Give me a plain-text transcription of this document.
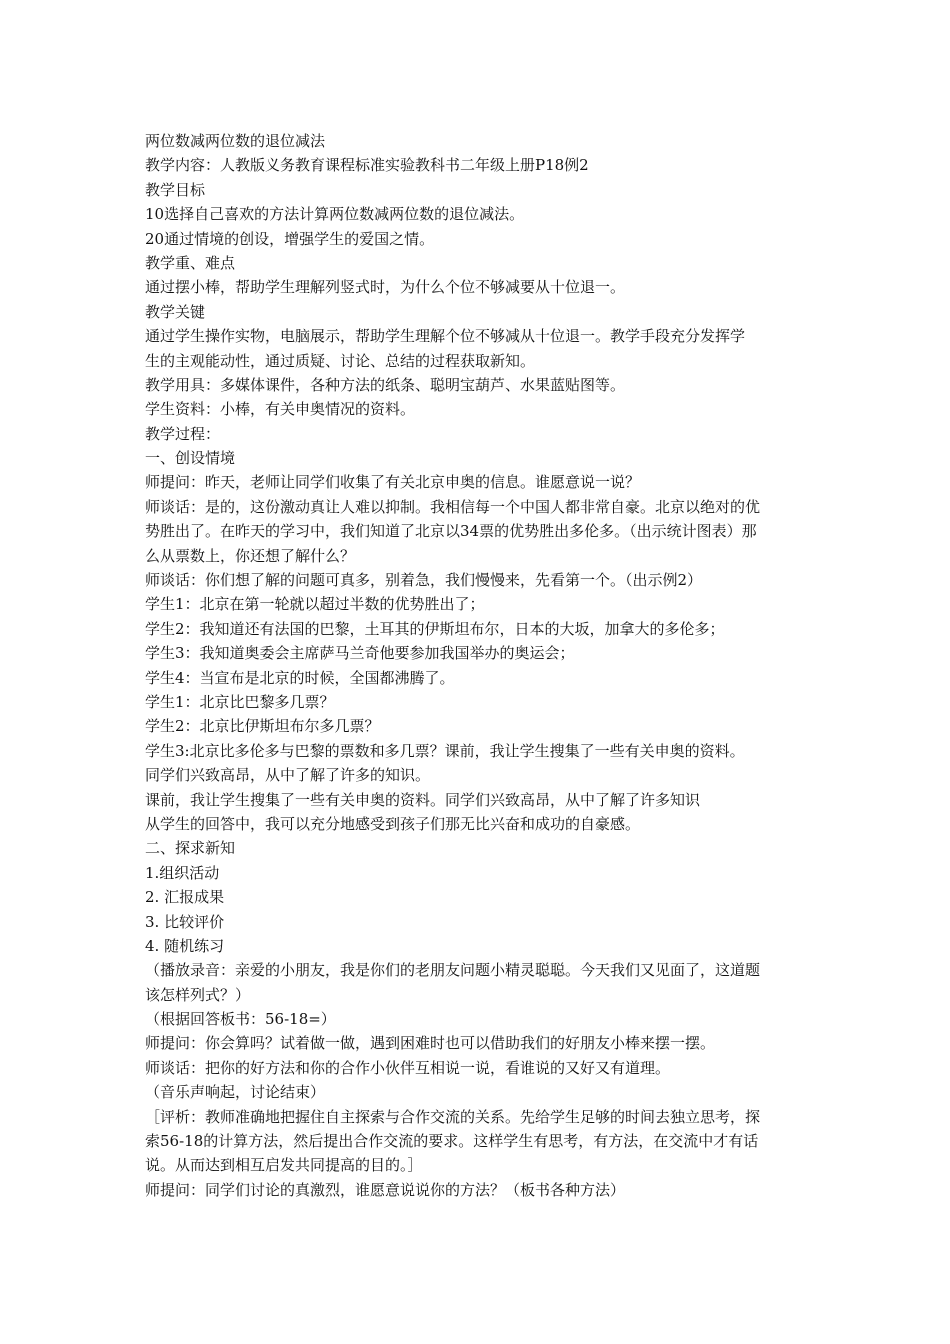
两位数减两位数的退位减法
教学内容：人教版义务教育课程标准实验教科书二年级上册P18例2
教学目标
10选择自己喜欢的方法计算两位数减两位数的退位减法。
20通过情境的创设，增强学生的爱国之情。
教学重、难点
通过摆小棒，帮助学生理解列竖式时，为什么个位不够减要从十位退一。
教学关键
通过学生操作实物，电脑展示，帮助学生理解个位不够减从十位退一。教学手段充分发挥学
生的主观能动性，通过质疑、讨论、总结的过程获取新知。
教学用具：多媒体课件，各种方法的纸条、聪明宝葫芦、水果蓝贴图等。
学生资料：小棒，有关申奥情况的资料。
教学过程：
一、创设情境
师提问：昨天，老师让同学们收集了有关北京申奥的信息。谁愿意说一说？
师谈话：是的，这份激动真让人难以抑制。我相信每一个中国人都非常自豪。北京以绝对的优
势胜出了。在昨天的学习中，我们知道了北京以34票的优势胜出多伦多。（出示统计图表）那
么从票数上，你还想了解什么？
师谈话：你们想了解的问题可真多，别着急，我们慢慢来，先看第一个。（出示例2）
学生1：北京在第一轮就以超过半数的优势胜出了；
学生2：我知道还有法国的巴黎，土耳其的伊斯坦布尔，日本的大坂，加拿大的多伦多；
学生3：我知道奥委会主席萨马兰奇他要参加我国举办的奥运会；
学生4：当宣布是北京的时候，全国都沸腾了。
学生1：北京比巴黎多几票？
学生2：北京比伊斯坦布尔多几票？
学生3:北京比多伦多与巴黎的票数和多几票？课前，我让学生搜集了一些有关申奥的资料。
同学们兴致高昂，从中了解了许多的知识。
课前，我让学生搜集了一些有关申奥的资料。同学们兴致高昂，从中了解了许多知识
从学生的回答中，我可以充分地感受到孩子们那无比兴奋和成功的自豪感。
二、探求新知
1.组织活动
2. 汇报成果
3. 比较评价
4. 随机练习
（播放录音：亲爱的小朋友，我是你们的老朋友问题小精灵聪聪。今天我们又见面了，这道题
该怎样列式？）
（根据回答板书：56-18=）
师提问：你会算吗？试着做一做，遇到困难时也可以借助我们的好朋友小棒来摆一摆。
师谈话：把你的好方法和你的合作小伙伴互相说一说，看谁说的又好又有道理。
（音乐声响起，讨论结束）
［评析：教师准确地把握住自主探索与合作交流的关系。先给学生足够的时间去独立思考，探
索56-18的计算方法，然后提出合作交流的要求。这样学生有思考，有方法，在交流中才有话
说。从而达到相互启发共同提高的目的。］
师提问：同学们讨论的真激烈，谁愿意说说你的方法？（板书各种方法）
